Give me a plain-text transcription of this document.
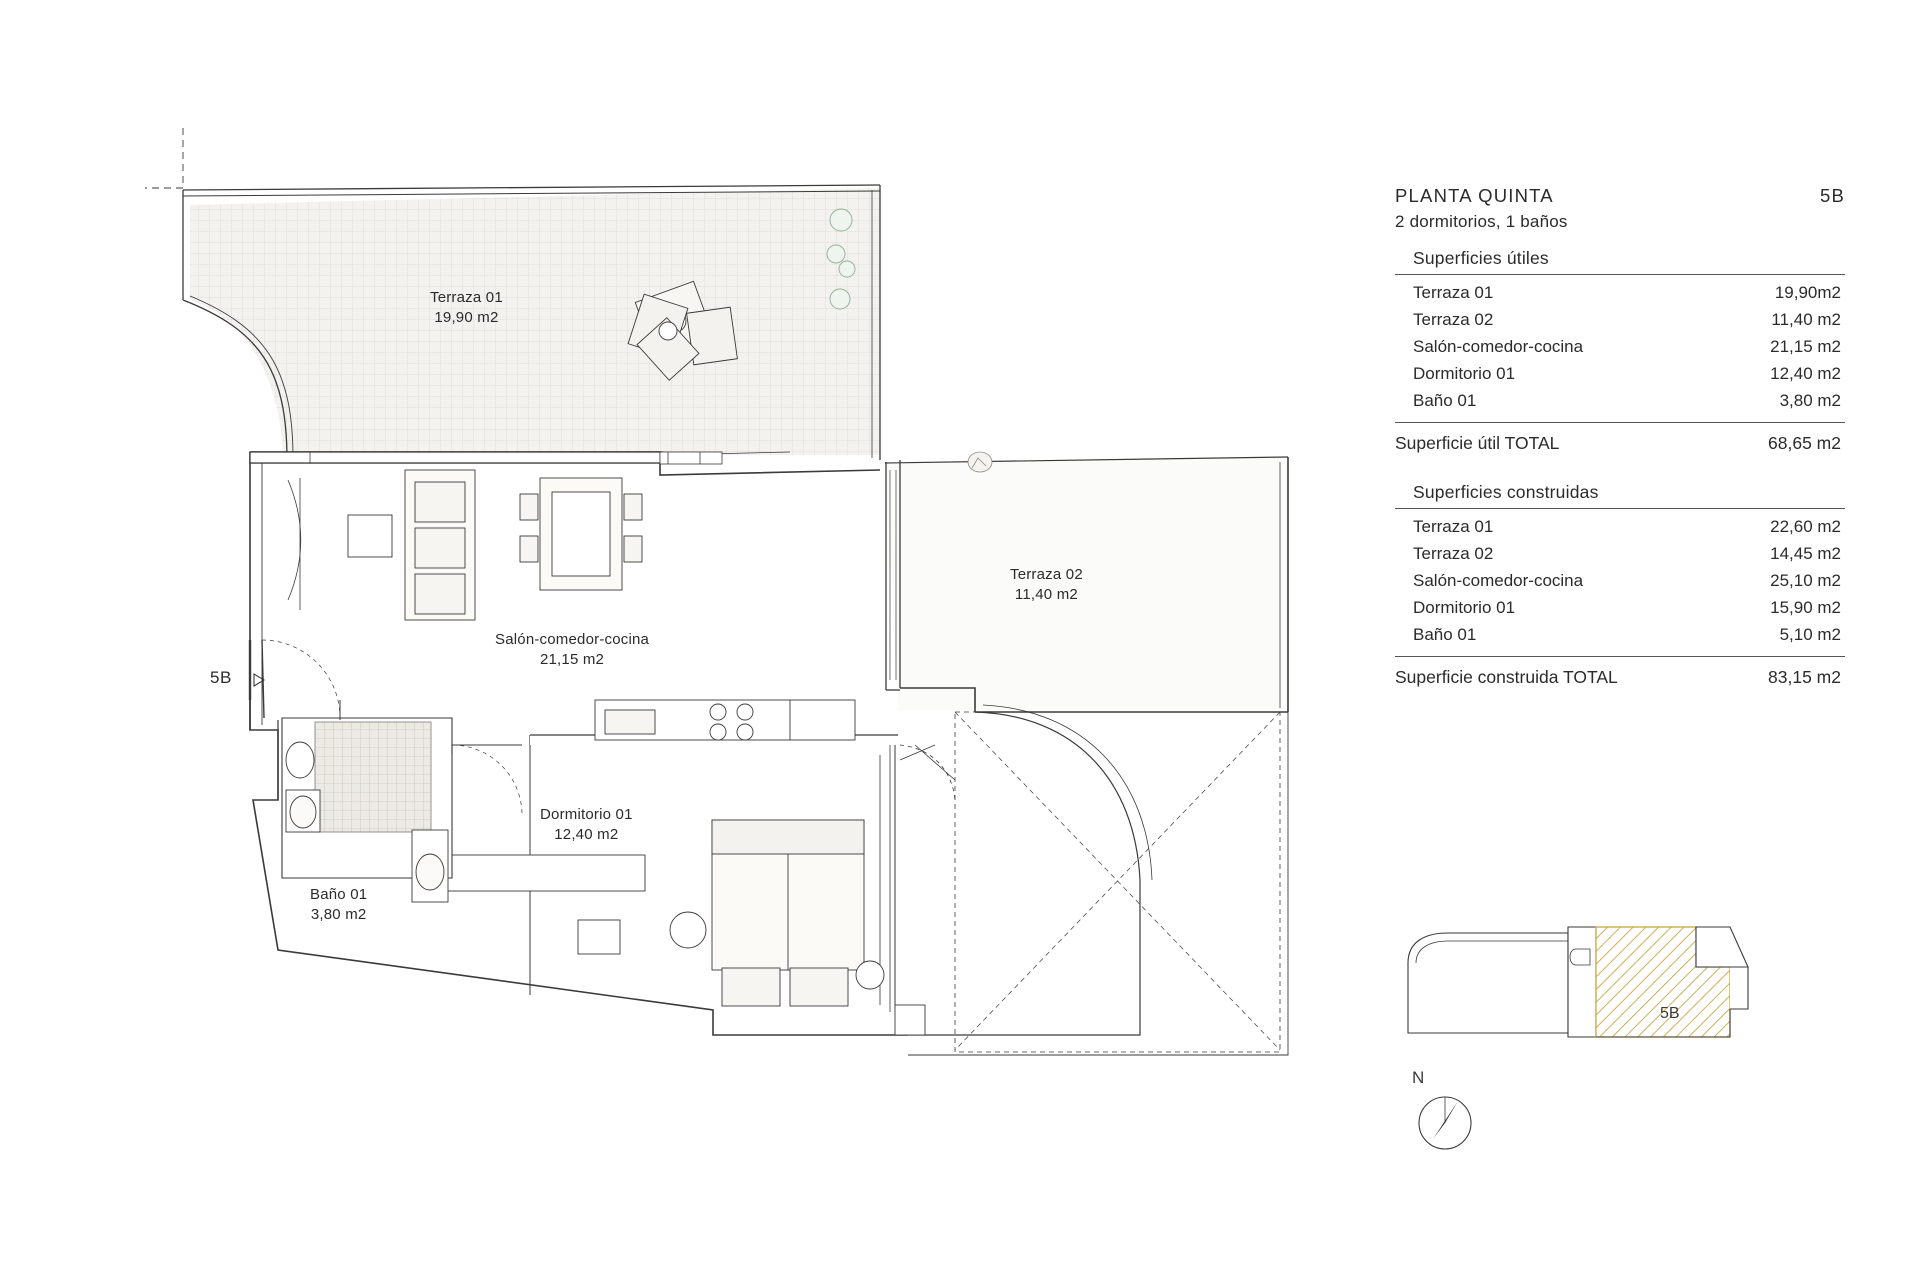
Terraza 01
19,90 m2
Terraza 02
11,40 m2
Salón-comedor-cocina
21,15 m2
Dormitorio 01
12,40 m2
Baño 01
3,80 m2
5B
PLANTA QUINTA	5B
2 dormitorios, 1 baños
Superficies útiles
Terraza 01	19,90m2
Terraza 02	11,40 m2
Salón-comedor-cocina	21,15 m2
Dormitorio 01	12,40 m2
Baño 01	3,80 m2
Superficie útil TOTAL	68,65 m2
Superficies construidas
Terraza 01	22,60 m2
Terraza 02	14,45 m2
Salón-comedor-cocina	25,10 m2
Dormitorio 01	15,90 m2
Baño 01	5,10 m2
Superficie construida TOTAL	83,15 m2
5B
N
